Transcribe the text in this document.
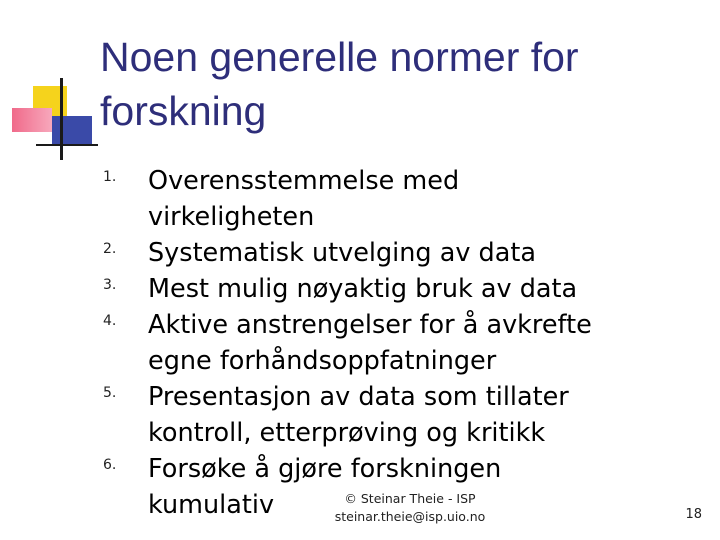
Noen generelle normer for
forskning
1.	Overensstemmelse med
virkeligheten
2.	Systematisk utvelging av data
3.	Mest mulig nøyaktig bruk av data
4.	Aktive anstrengelser for å avkrefte
egne forhåndsoppfatninger
5.	Presentasjon av data som tillater
kontroll, etterprøving og kritikk
6.	Forsøke å gjøre forskningen
kumulativ	© Steinar Theie - ISP
steinar.theie@isp.uio.no	18
